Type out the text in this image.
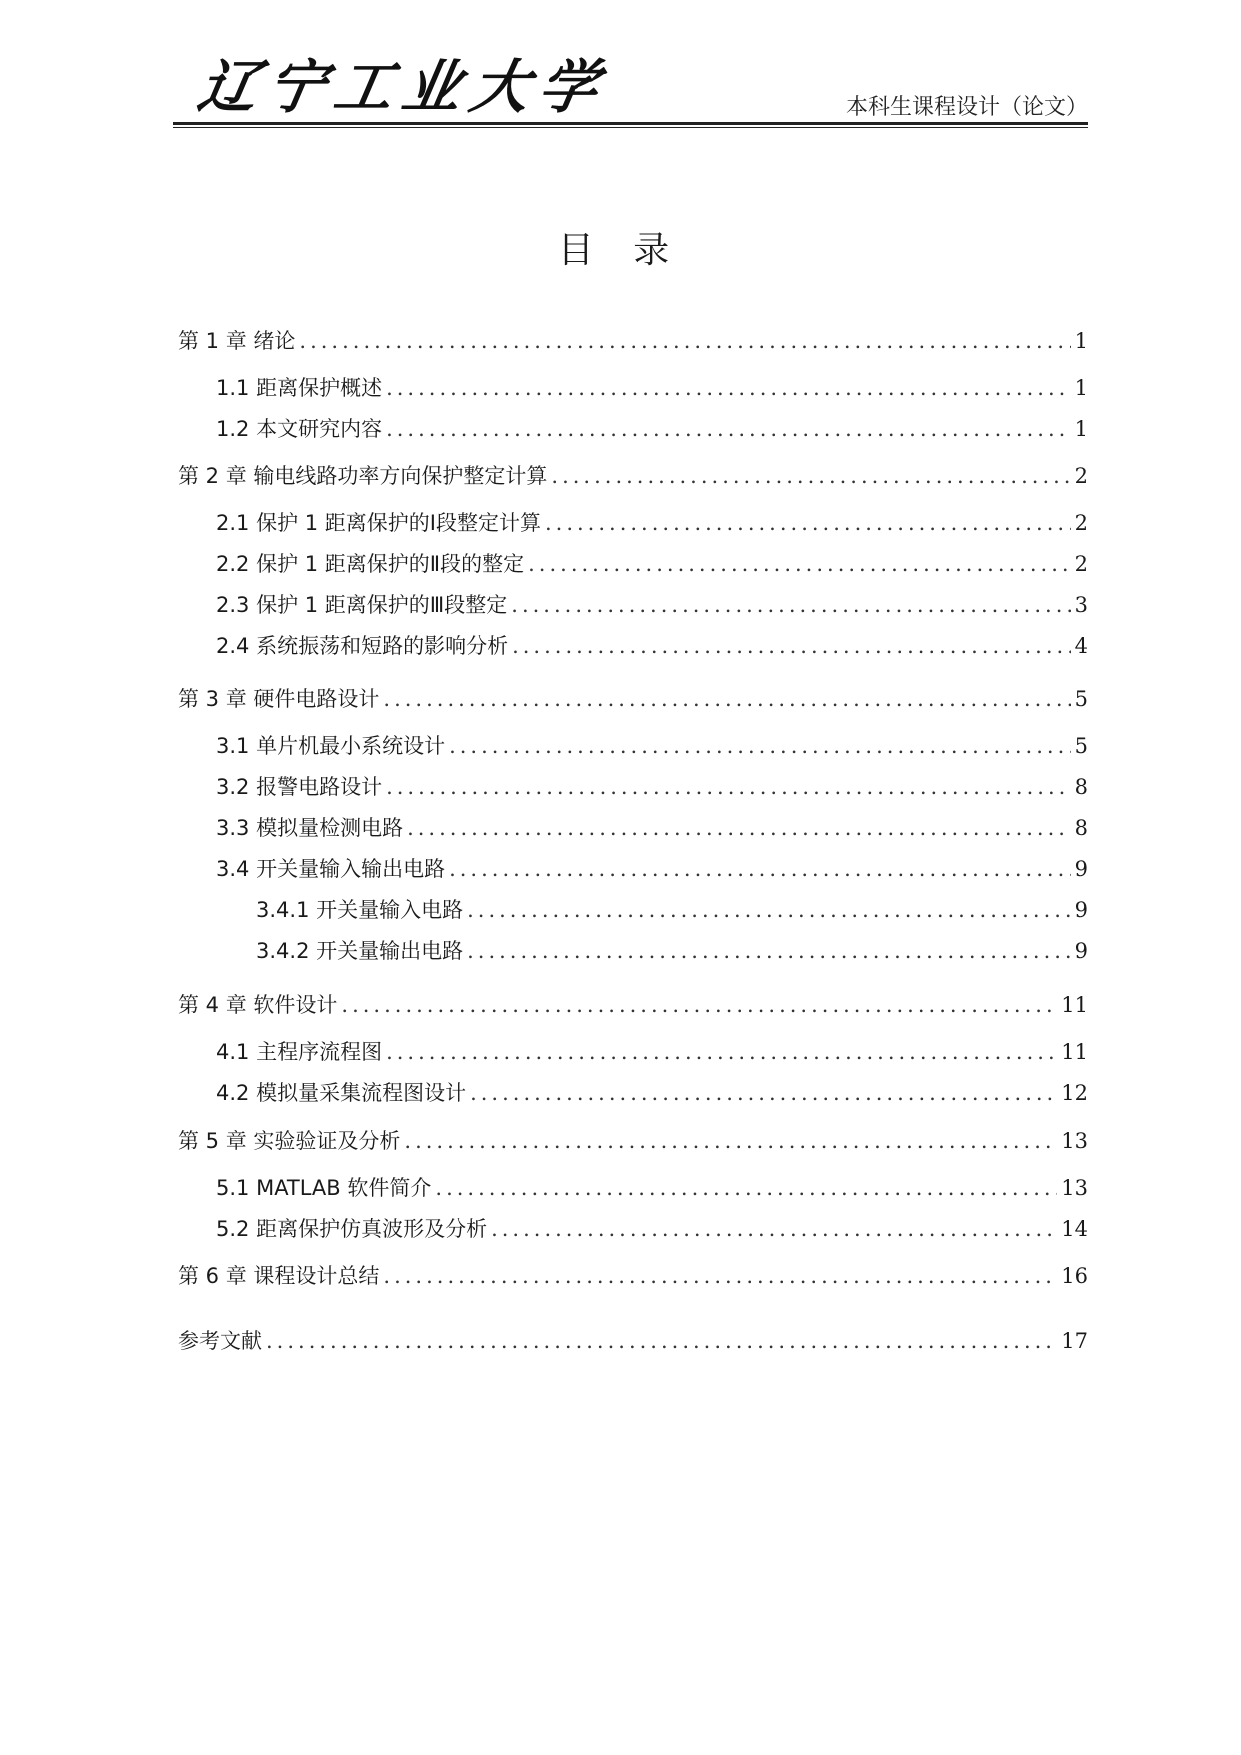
辽宁工业大学	本科生课程设计（论文）
目 录
第 1 章 绪论 .....	1
1.1 距离保护概述 .....	1
1.2 本文研究内容 .....	1
第 2 章 输电线路功率方向保护整定计算 .....	2
2.1 保护 1 距离保护的Ⅰ段整定计算 .....	2
2.2 保护 1 距离保护的Ⅱ段的整定 .....	2
2.3 保护 1 距离保护的Ⅲ段整定 .....	3
2.4 系统振荡和短路的影响分析 .....	4
第 3 章 硬件电路设计 .....	5
3.1 单片机最小系统设计 .....	5
3.2 报警电路设计 .....	8
3.3 模拟量检测电路 .....	8
3.4 开关量输入输出电路 .....	9
3.4.1 开关量输入电路 .....	9
3.4.2 开关量输出电路 .....	9
第 4 章 软件设计 .....	11
4.1 主程序流程图 .....	11
4.2 模拟量采集流程图设计 .....	12
第 5 章 实验验证及分析 .....	13
5.1 MATLAB 软件简介 .....	13
5.2 距离保护仿真波形及分析 .....	14
第 6 章 课程设计总结 .....	16
参考文献 .....	17
